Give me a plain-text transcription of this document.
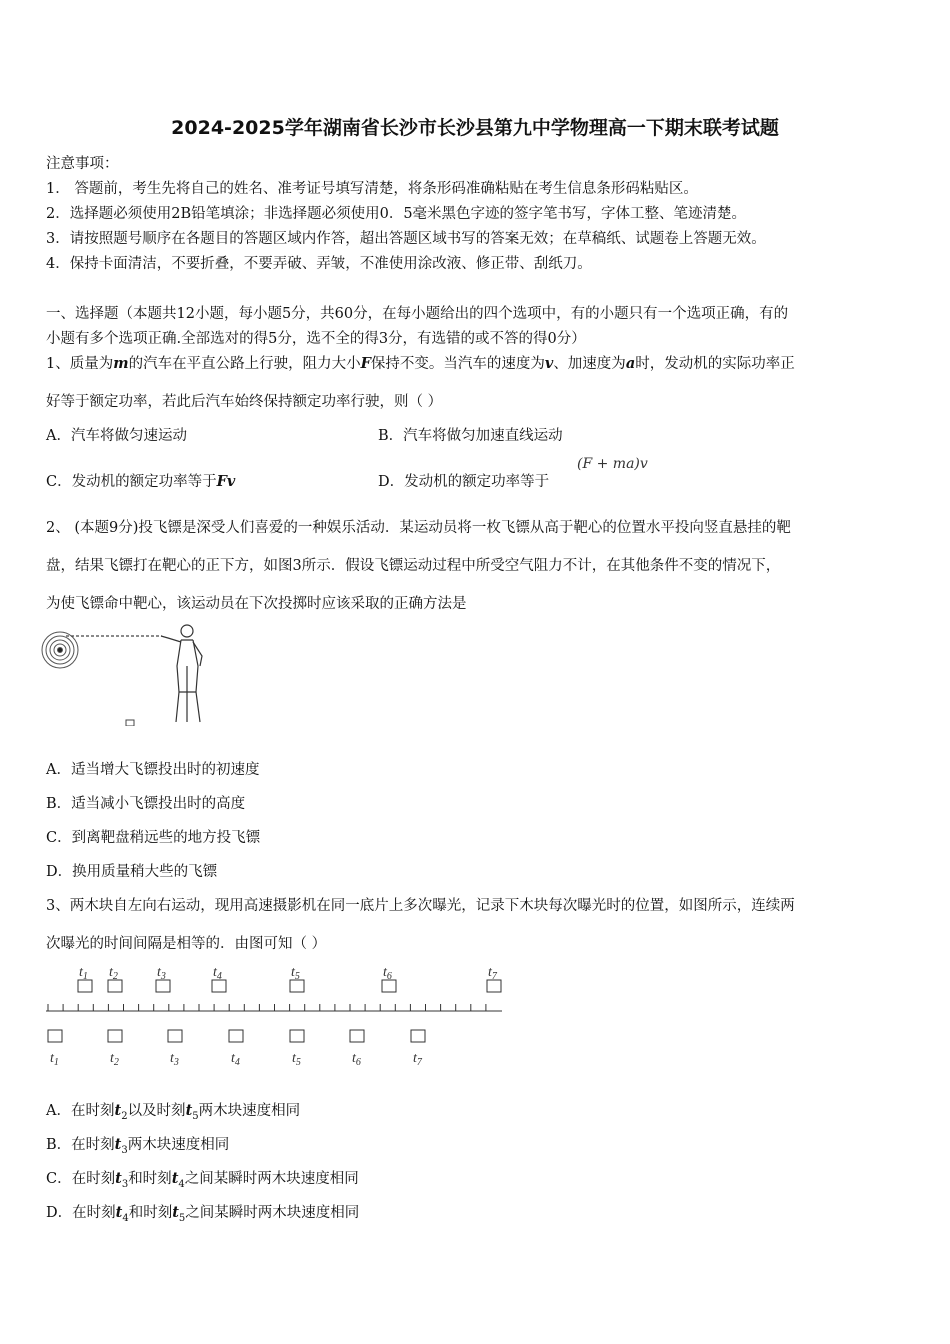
2024-2025学年湖南省长沙市长沙县第九中学物理高一下期末联考试题
注意事项：
1． 答题前，考生先将自己的姓名、准考证号填写清楚，将条形码准确粘贴在考生信息条形码粘贴区。
2．选择题必须使用2B铅笔填涂；非选择题必须使用0．5毫米黑色字迹的签字笔书写，字体工整、笔迹清楚。
3．请按照题号顺序在各题目的答题区域内作答，超出答题区域书写的答案无效；在草稿纸、试题卷上答题无效。
4．保持卡面清洁，不要折叠，不要弄破、弄皱，不准使用涂改液、修正带、刮纸刀。
一、选择题（本题共12小题，每小题5分，共60分，在每小题给出的四个选项中，有的小题只有一个选项正确，有的
小题有多个选项正确.全部选对的得5分，选不全的得3分，有选错的或不答的得0分）
1、质量为m的汽车在平直公路上行驶，阻力大小F保持不变。当汽车的速度为v、加速度为a时，发动机的实际功率正
好等于额定功率，若此后汽车始终保持额定功率行驶，则（ ）
A．汽车将做匀速运动	B．汽车将做匀加速直线运动
C．发动机的额定功率等于Fv	D．发动机的额定功率等于
(F + ma)v
2、 (本题9分)投飞镖是深受人们喜爱的一种娱乐活动．某运动员将一枚飞镖从高于靶心的位置水平投向竖直悬挂的靶
盘，结果飞镖打在靶心的正下方，如图3所示．假设飞镖运动过程中所受空气阻力不计，在其他条件不变的情况下，
为使飞镖命中靶心，该运动员在下次投掷时应该采取的正确方法是
A．适当增大飞镖投出时的初速度
B．适当减小飞镖投出时的高度
C．到离靶盘稍远些的地方投飞镖
D．换用质量稍大些的飞镖
3、两木块自左向右运动，现用高速摄影机在同一底片上多次曝光，记录下木块每次曝光时的位置，如图所示，连续两
次曝光的时间间隔是相等的．由图可知（ ）
$t_1$ $t_2$	$t_3$	$t_4$	$t_5$	$t_6$	$t_7$
$t_1$	$t_2$	$t_3$	$t_4$	$t_5$	$t_6$	$t_7$
A．在时刻$t_2$以及时刻$t_5$两木块速度相同
B．在时刻$t_3$两木块速度相同
C．在时刻$t_3$和时刻$t_4$之间某瞬时两木块速度相同
D．在时刻$t_4$和时刻$t_5$之间某瞬时两木块速度相同
